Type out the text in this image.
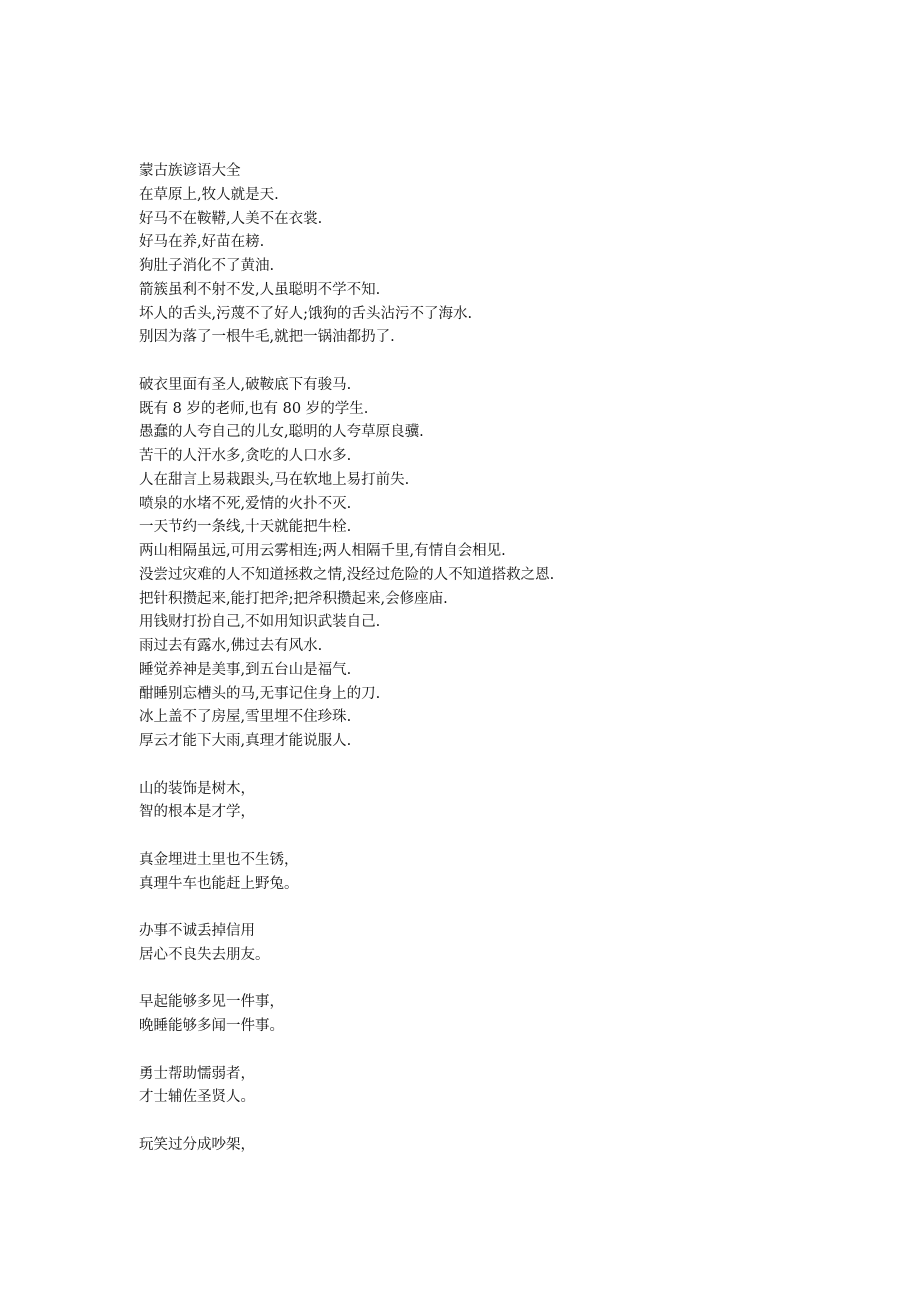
蒙古族谚语大全
在草原上,牧人就是天.
好马不在鞍鞯,人美不在衣裳.
好马在养,好苗在耪.
狗肚子消化不了黄油.
箭簇虽利不射不发,人虽聪明不学不知.
坏人的舌头,污蔑不了好人;饿狗的舌头沾污不了海水.
别因为落了一根牛毛,就把一锅油都扔了.
破衣里面有圣人,破鞍底下有骏马.
既有 8 岁的老师,也有 80 岁的学生.
愚蠢的人夸自己的儿女,聪明的人夸草原良骥.
苦干的人汗水多,贪吃的人口水多.
人在甜言上易栽跟头,马在软地上易打前失.
喷泉的水堵不死,爱情的火扑不灭.
一天节约一条线,十天就能把牛栓.
两山相隔虽远,可用云雾相连;两人相隔千里,有情自会相见.
没尝过灾难的人不知道拯救之情,没经过危险的人不知道搭救之恩.
把针积攒起来,能打把斧;把斧积攒起来,会修座庙.
用钱财打扮自己,不如用知识武装自己.
雨过去有露水,佛过去有风水.
睡觉养神是美事,到五台山是福气.
酣睡别忘槽头的马,无事记住身上的刀.
冰上盖不了房屋,雪里埋不住珍珠.
厚云才能下大雨,真理才能说服人.
山的装饰是树木，
智的根本是才学，
真金埋进土里也不生锈，
真理牛车也能赶上野兔。
办事不诚丢掉信用
居心不良失去朋友。
早起能够多见一件事，
晚睡能够多闻一件事。
勇士帮助懦弱者，
才士辅佐圣贤人。
玩笑过分成吵架，
